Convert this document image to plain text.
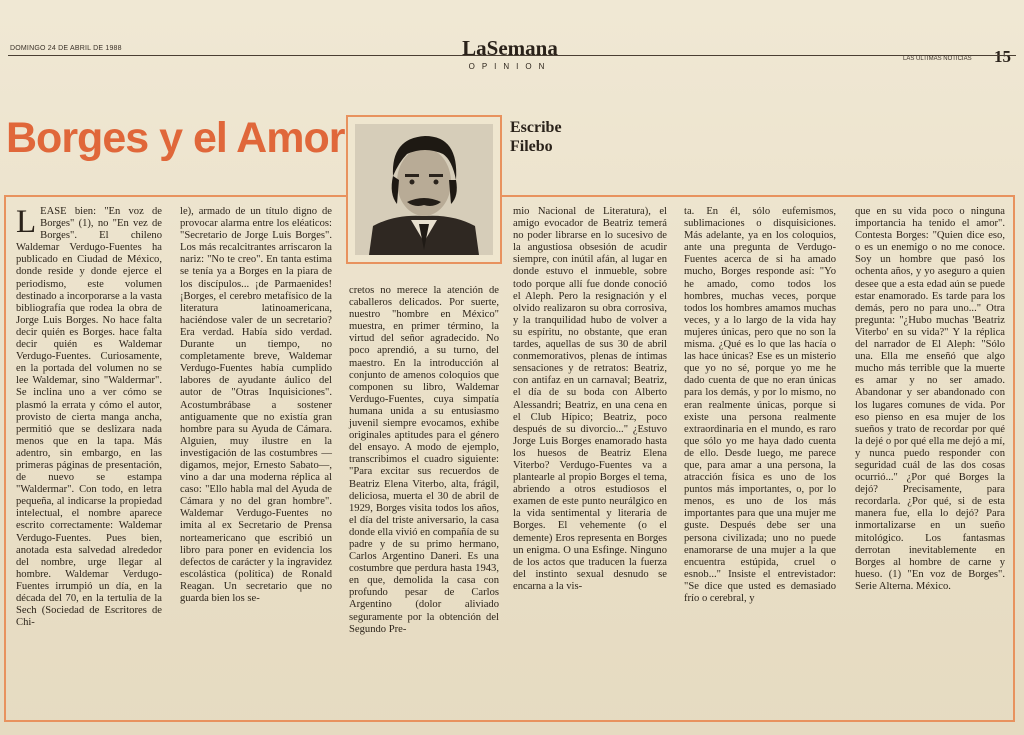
DOMINGO 24 DE ABRIL DE 1988	LaSemana
OPINION
LAS ULTIMAS NOTICIAS 15
Borges y el Amor	Escribe
Filebo
L EASE bien: "En voz de Borges" (1), no "En vez de Borges". El chileno Waldemar Verdugo-Fuentes ha publicado en Ciudad de México, donde reside y donde ejerce el periodismo, este volumen destinado a incorporarse a la vasta bibliografía que rodea la obra de Jorge Luis Borges. No hace falta decir quién es Borges. hace falta decir quién es Waldemar Verdugo-Fuentes. Curiosamente, en la portada del volumen no se lee Waldemar, sino "Waldermar". Se inclina uno a ver cómo se plasmó la errata y cómo el autor, provisto de cierta manga ancha, permitió que se deslizara nada menos que en la tapa. Más adentro, sin embargo, en las primeras páginas de presentación, de nuevo se estampa "Waldermar". Con todo, en letra pequeña, al indicarse la propiedad intelectual, el nombre aparece escrito correctamente: Waldemar Verdugo-Fuentes. Pues bien, anotada esta salvedad alrededor del nombre, urge llegar al hombre. Waldemar Verdugo-Fuentes irrumpió un día, en la década del 70, en la tertulia de la Sech (Sociedad de Escritores de Chi-

le), armado de un título digno de provocar alarma entre los eléaticos: "Secretario de Jorge Luis Borges". Los más recalcitrantes arriscaron la nariz: "No te creo". En tanta estima se tenía ya a Borges en la piara de los discípulos... ¡de Parmaenides! ¡Borges, el cerebro metafísico de la literatura latinoamericana, haciéndose valer de un secretario? Era verdad. Había sido verdad. Durante un tiempo, no completamente breve, Waldemar Verdugo-Fuentes había cumplido labores de ayudante áulico del autor de "Otras Inquisiciones". Acostumbrábase a sostener antiguamente que no existía gran hombre para su Ayuda de Cámara. Alguien, muy ilustre en la investigación de las costumbres —digamos, mejor, Ernesto Sabato—, vino a dar una moderna réplica al caso: "Ello habla mal del Ayuda de Cámara y no del gran hombre". Waldemar Verdugo-Fuentes no imita al ex Secretario de Prensa norteamericano que escribió un libro para poner en evidencia los defectos de carácter y la ingravidez escolástica (política) de Ronald Reagan. Un secretario que no guarda bien los se-

cretos no merece la atención de caballeros delicados. Por suerte, nuestro "hombre en México" muestra, en primer término, la virtud del señor agradecido. No poco aprendió, a su turno, del maestro. En la introducción al conjunto de amenos coloquios que componen su libro, Waldemar Verdugo-Fuentes, cuya simpatía humana unida a su entusiasmo juvenil siempre evocamos, exhibe originales aptitudes para el género del ensayo. A modo de ejemplo, transcribimos el cuadro siguiente: "Para excitar sus recuerdos de Beatriz Elena Viterbo, alta, frágil, deliciosa, muerta el 30 de abril de 1929, Borges visita todos los años, el día del triste aniversario, la casa donde ella vivió en compañía de su padre y de su primo hermano, Carlos Argentino Daneri. Es una costumbre que perdura hasta 1943, en que, demolida la casa con profundo pesar de Carlos Argentino (dolor aliviado seguramente por la obtención del Segundo Pre-

mio Nacional de Literatura), el amigo evocador de Beatriz temerá no poder librarse en lo sucesivo de la angustiosa obsesión de acudir siempre, con inútil afán, al lugar en donde estuvo el inmueble, sobre todo porque allí fue donde conoció el Aleph. Pero la resignación y el olvido realizaron su obra corrosiva, y la tranquilidad hubo de volver a su espíritu, no obstante, que eran tardes, aquellas de sus 30 de abril conmemorativos, plenas de íntimas sensaciones y de retratos: Beatriz, con antifaz en un carnaval; Beatriz, el día de su boda con Alberto Alessandri; Beatriz, en una cena en el Club Hípico; Beatriz, poco después de su divorcio..." ¿Estuvo Jorge Luis Borges enamorado hasta los huesos de Beatriz Elena Viterbo? Verdugo-Fuentes va a plantearle al propio Borges el tema, abriendo a otros estudiosos el examen de este punto neurálgico en la vida sentimental y literaria de Borges. El vehemente (o el demente) Eros representa en Borges un enigma. O una Esfinge. Ninguno de los actos que traducen la fuerza del instinto sexual desnudo se encarna a la vis-

ta. En él, sólo eufemismos, sublimaciones o disquisiciones. Más adelante, ya en los coloquios, ante una pregunta de Verdugo-Fuentes acerca de si ha amado mucho, Borges responde así: "Yo he amado, como todos los hombres, muchas veces, porque todos los hombres amamos muchas veces, y a lo largo de la vida hay mujeres únicas, pero que no son la misma. ¿Qué es lo que las hacía o las hace únicas? Ese es un misterio que yo no sé, porque yo me he dado cuenta de que no eran únicas para los demás, y por lo mismo, no eran realmente únicas, porque si existe una persona realmente extraordinaria en el mundo, es raro que sólo yo me haya dado cuenta de ello. Desde luego, me parece que, para amar a una persona, la atracción física es uno de los puntos más importantes, o, por lo menos, es uno de los más importantes para que una mujer me guste. Después debe ser una persona civilizada; uno no puede enamorarse de una mujer a la que encuentra estúpida, cruel o esnob..." Insiste el entrevistador: "Se dice que usted es demasiado frío o cerebral, y

que en su vida poco o ninguna importancia ha tenido el amor". Contesta Borges: "Quien dice eso, o es un enemigo o no me conoce. Soy un hombre que pasó los ochenta años, y yo aseguro a quien desee que a esta edad aún se puede estar enamorado. Es tarde para los demás, pero no para uno..." Otra pregunta: "¿Hubo muchas 'Beatriz Viterbo' en su vida?" Y la réplica del narrador de El Aleph: "Sólo una. Ella me enseñó que algo mucho más terrible que la muerte es amar y no ser amado. Abandonar y ser abandonado con los lugares comunes de vida. Por eso pienso en esa mujer de los sueños y trato de recordar por qué la dejé o por qué ella me dejó a mí, y nunca puedo responder con seguridad cuál de las dos cosas ocurrió..." ¿Por qué Borges la dejó? Precisamente, para recordarla. ¿Por qué, si de esta manera fue, ella lo dejó? Para inmortalizarse en un sueño mitológico. Los fantasmas derrotan inevitablemente en Borges al hombre de carne y hueso. (1) "En voz de Borges". Serie Alterna. México.
